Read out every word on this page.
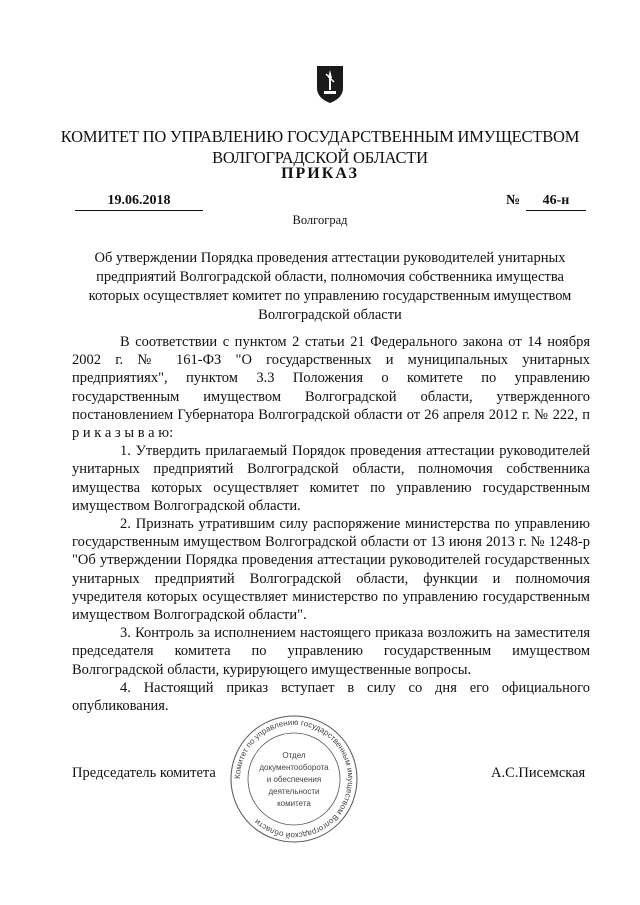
КОМИТЕТ ПО УПРАВЛЕНИЮ ГОСУДАРСТВЕННЫМ ИМУЩЕСТВОМ
ВОЛГОГРАДСКОЙ ОБЛАСТИ
ПРИКАЗ
19.06.2018	№	46-н
Волгоград
Об утверждении Порядка проведения аттестации руководителей унитарных предприятий Волгоградской области, полномочия собственника имущества которых осуществляет комитет по управлению государственным имуществом Волгоградской области

В соответствии с пунктом 2 статьи 21 Федерального закона от 14 ноября 2002 г. № 161-ФЗ "О государственных и муниципальных унитарных предприятиях", пунктом 3.3 Положения о комитете по управлению государственным имуществом Волгоградской области, утвержденного постановлением Губернатора Волгоградской области от 26 апреля 2012 г. № 222, п р и к а з ы в а ю:

1. Утвердить прилагаемый Порядок проведения аттестации руководителей унитарных предприятий Волгоградской области, полномочия собственника имущества которых осуществляет комитет по управлению государственным имуществом Волгоградской области.

2. Признать утратившим силу распоряжение министерства по управлению государственным имуществом Волгоградской области от 13 июня 2013 г. № 1248-р "Об утверждении Порядка проведения аттестации руководителей государственных унитарных предприятий Волгоградской области, функции и полномочия учредителя которых осуществляет министерство по управлению государственным имуществом Волгоградской области".

3. Контроль за исполнением настоящего приказа возложить на заместителя председателя комитета по управлению государственным имуществом Волгоградской области, курирующего имущественные вопросы.

4. Настоящий приказ вступает в силу со дня его официального опубликования.

Председатель комитета	А.С.Писемская
Комитет по управлению государственным имуществом Волгоградской области
Отдел
документооборота
и обеспечения
деятельности
комитета
